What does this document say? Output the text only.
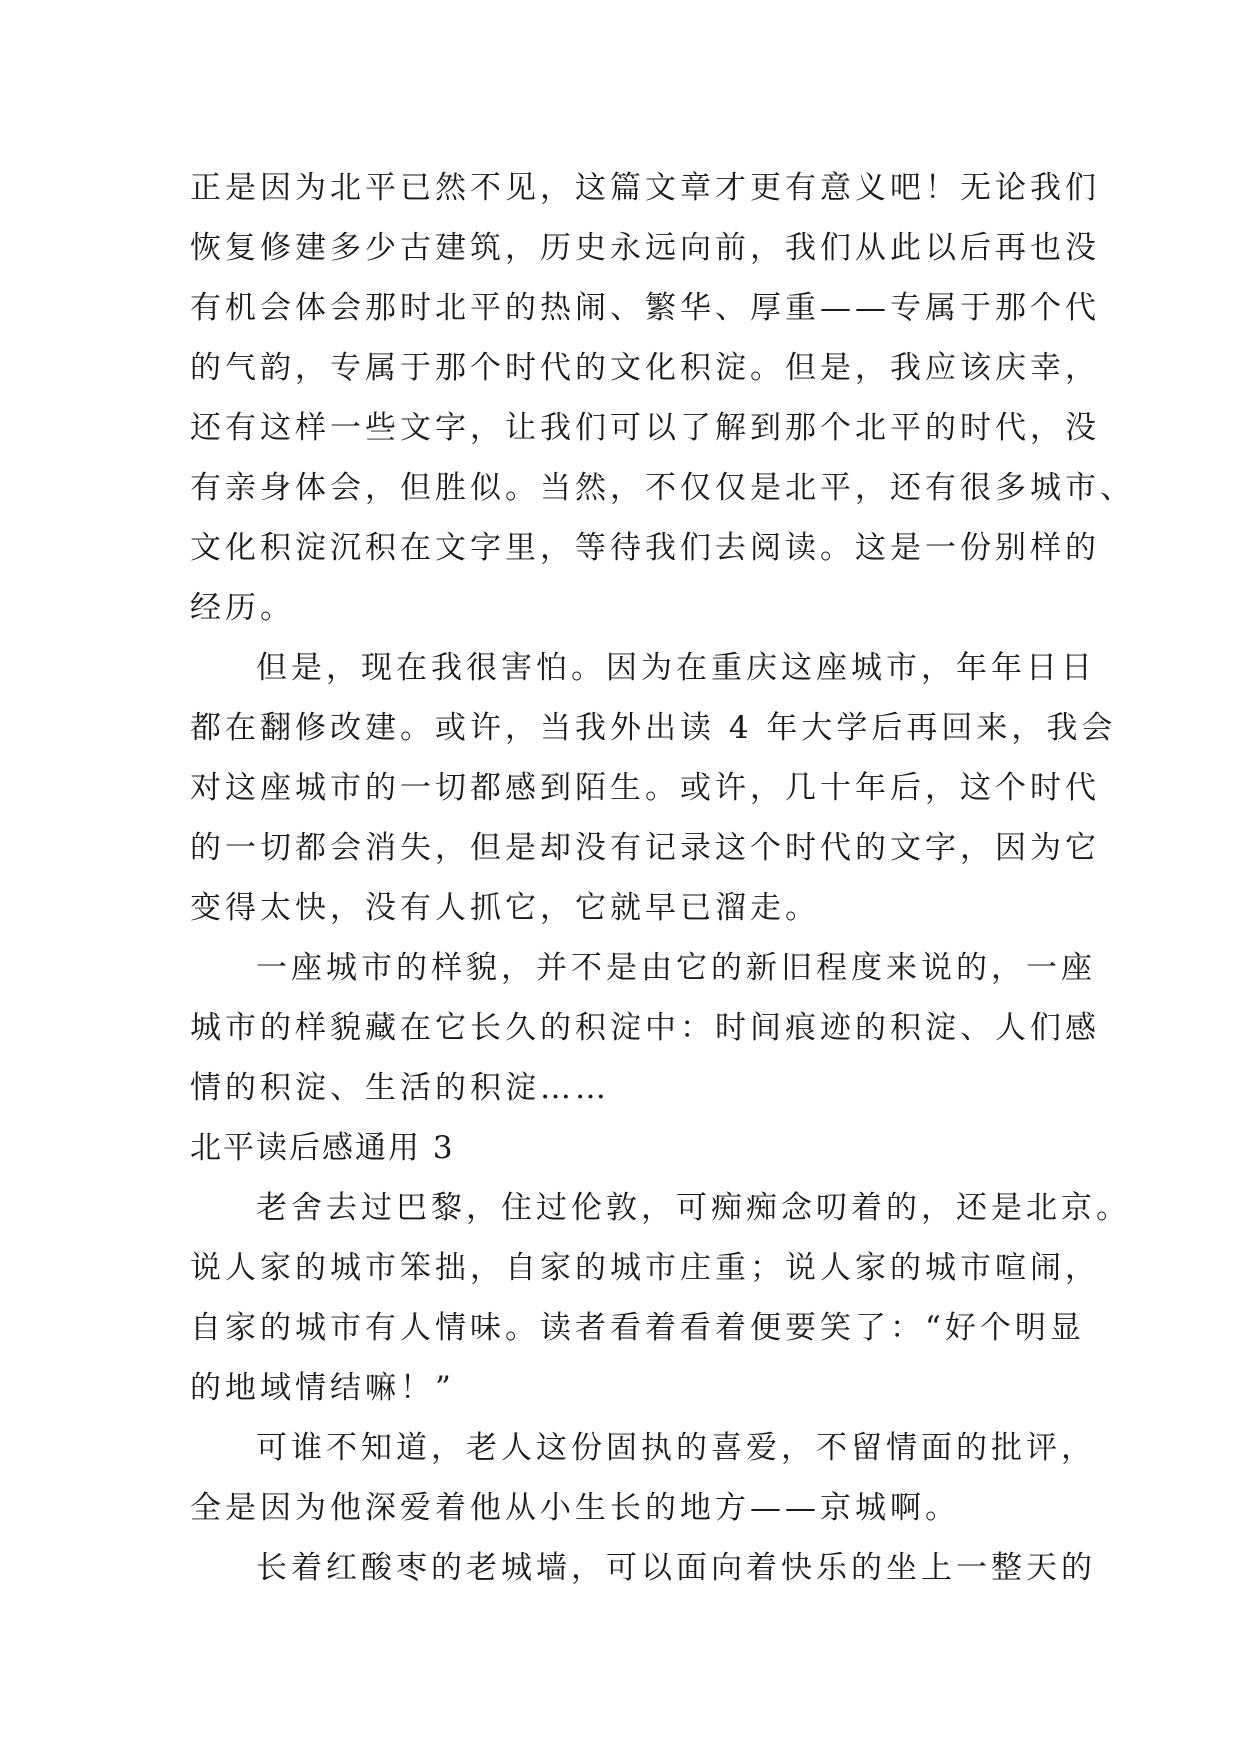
正是因为北平已然不见，这篇文章才更有意义吧！无论我们
恢复修建多少古建筑，历史永远向前，我们从此以后再也没
有机会体会那时北平的热闹、繁华、厚重——专属于那个代
的气韵，专属于那个时代的文化积淀。但是，我应该庆幸，
还有这样一些文字，让我们可以了解到那个北平的时代，没
有亲身体会，但胜似。当然，不仅仅是北平，还有很多城市、
文化积淀沉积在文字里，等待我们去阅读。这是一份别样的
经历。
但是，现在我很害怕。因为在重庆这座城市，年年日日
都在翻修改建。或许，当我外出读 4 年大学后再回来，我会
对这座城市的一切都感到陌生。或许，几十年后，这个时代
的一切都会消失，但是却没有记录这个时代的文字，因为它
变得太快，没有人抓它，它就早已溜走。
一座城市的样貌，并不是由它的新旧程度来说的，一座
城市的样貌藏在它长久的积淀中：时间痕迹的积淀、人们感
情的积淀、生活的积淀……
北平读后感通用 3
老舍去过巴黎，住过伦敦，可痴痴念叨着的，还是北京。
说人家的城市笨拙，自家的城市庄重；说人家的城市喧闹，
自家的城市有人情味。读者看着看着便要笑了：“好个明显
的地域情结嘛！”
可谁不知道，老人这份固执的喜爱，不留情面的批评，
全是因为他深爱着他从小生长的地方——京城啊。
长着红酸枣的老城墙，可以面向着快乐的坐上一整天的
